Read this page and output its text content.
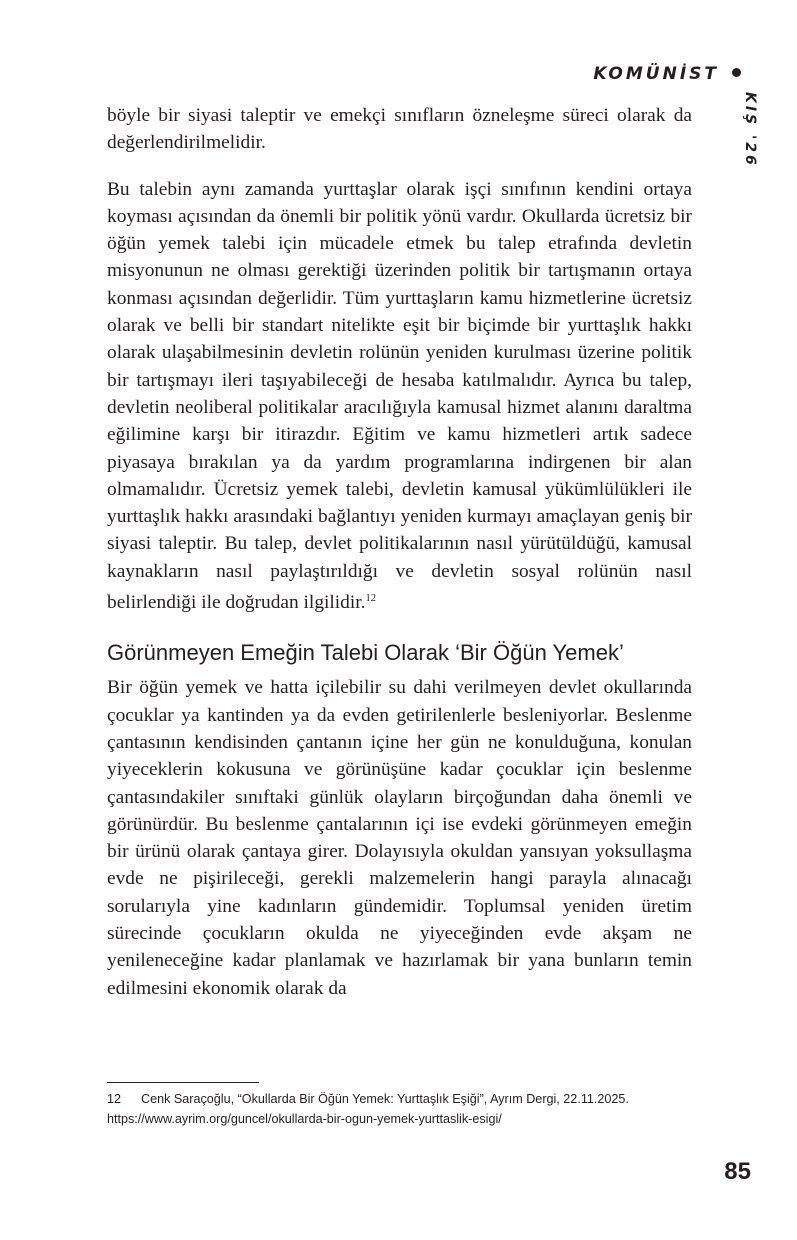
KOMÜNİST
KIŞ '26

böyle bir siyasi taleptir ve emekçi sınıfların özneleşme süreci olarak da değerlendirilmelidir.

Bu talebin aynı zamanda yurttaşlar olarak işçi sınıfının kendini ortaya koyması açısından da önemli bir politik yönü vardır. Okullarda ücretsiz bir öğün yemek talebi için mücadele etmek bu talep etrafında devletin misyonunun ne olması gerektiği üzerinden politik bir tartışmanın ortaya konması açısından değerlidir. Tüm yurttaşların kamu hizmetlerine ücretsiz olarak ve belli bir standart nitelikte eşit bir biçimde bir yurttaşlık hakkı olarak ulaşabilmesinin devletin rolünün yeniden kurulması üzerine politik bir tartışmayı ileri taşıyabileceği de hesaba katılmalıdır. Ayrıca bu talep, devletin neoliberal politikalar aracılığıyla kamusal hizmet alanını daraltma eğilimine karşı bir itirazdır. Eğitim ve kamu hizmetleri artık sadece piyasaya bırakılan ya da yardım programlarına indirgenen bir alan olmamalıdır. Ücretsiz yemek talebi, devletin kamusal yükümlülükleri ile yurttaşlık hakkı arasındaki bağlantıyı yeniden kurmayı amaçlayan geniş bir siyasi taleptir. Bu talep, devlet politikalarının nasıl yürütüldüğü, kamusal kaynakların nasıl paylaştırıldığı ve devletin sosyal rolünün nasıl belirlendiği ile doğrudan ilgilidir.$^{12}$

Görünmeyen Emeğin Talebi Olarak ‘Bir Öğün Yemek’

Bir öğün yemek ve hatta içilebilir su dahi verilmeyen devlet okullarında çocuklar ya kantinden ya da evden getirilenlerle besleniyorlar. Beslenme çantasının kendisinden çantanın içine her gün ne konulduğuna, konulan yiyeceklerin kokusuna ve görünüşüne kadar çocuklar için beslenme çantasındakiler sınıftaki günlük olayların birçoğundan daha önemli ve görünürdür. Bu beslenme çantalarının içi ise evdeki görünmeyen emeğin bir ürünü olarak çantaya girer. Dolayısıyla okuldan yansıyan yoksullaşma evde ne pişirileceği, gerekli malzemelerin hangi parayla alınacağı sorularıyla yine kadınların gündemidir. Toplumsal yeniden üretim sürecinde çocukların okulda ne yiyeceğinden evde akşam ne yenileneceğine kadar planlamak ve hazırlamak bir yana bunların temin edilmesini ekonomik olarak da

12 Cenk Saraçoğlu, “Okullarda Bir Öğün Yemek: Yurttaşlık Eşiği”, Ayrım Dergi, 22.11.2025.
https://www.ayrim.org/guncel/okullarda-bir-ogun-yemek-yurttaslik-esigi/
85
